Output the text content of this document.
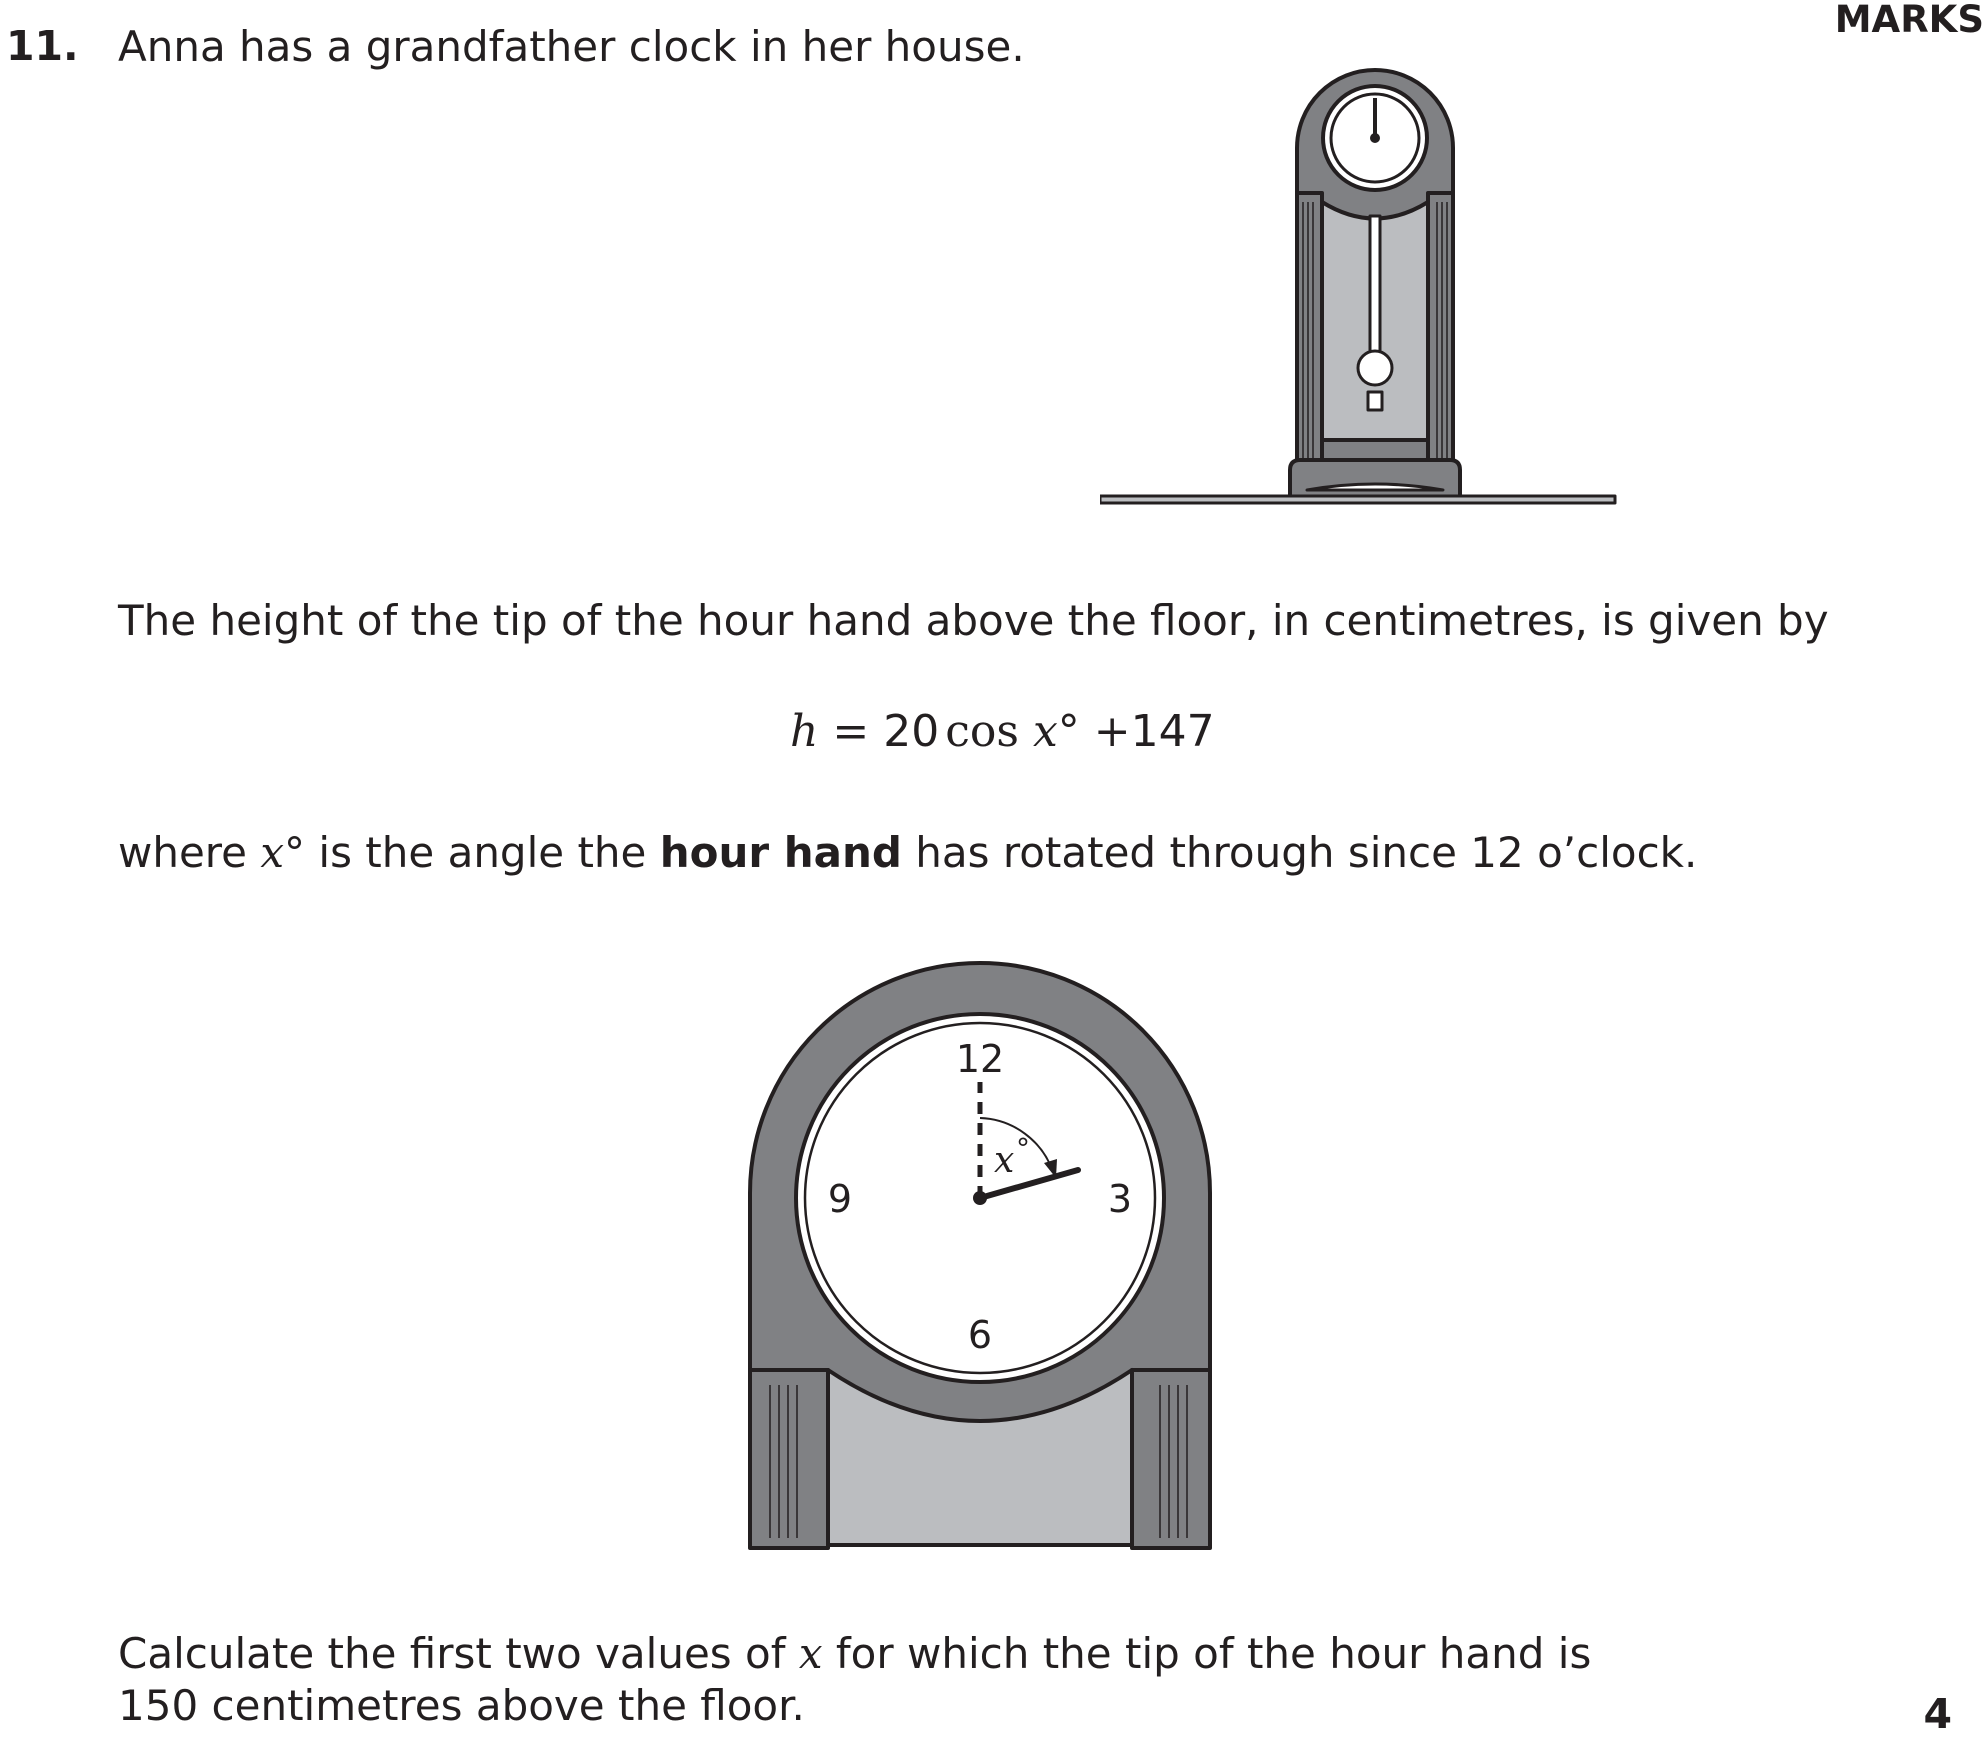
11.
MARKS
Anna has a grandfather clock in her house.
The height of the tip of the hour hand above the floor, in centimetres, is given by
h = 20 cos x° +147
where x° is the angle the hour hand has rotated through since 12 o’clock.
12
3
6
9
x °
Calculate the first two values of x for which the tip of the hour hand is
150 centimetres above the floor.	4
